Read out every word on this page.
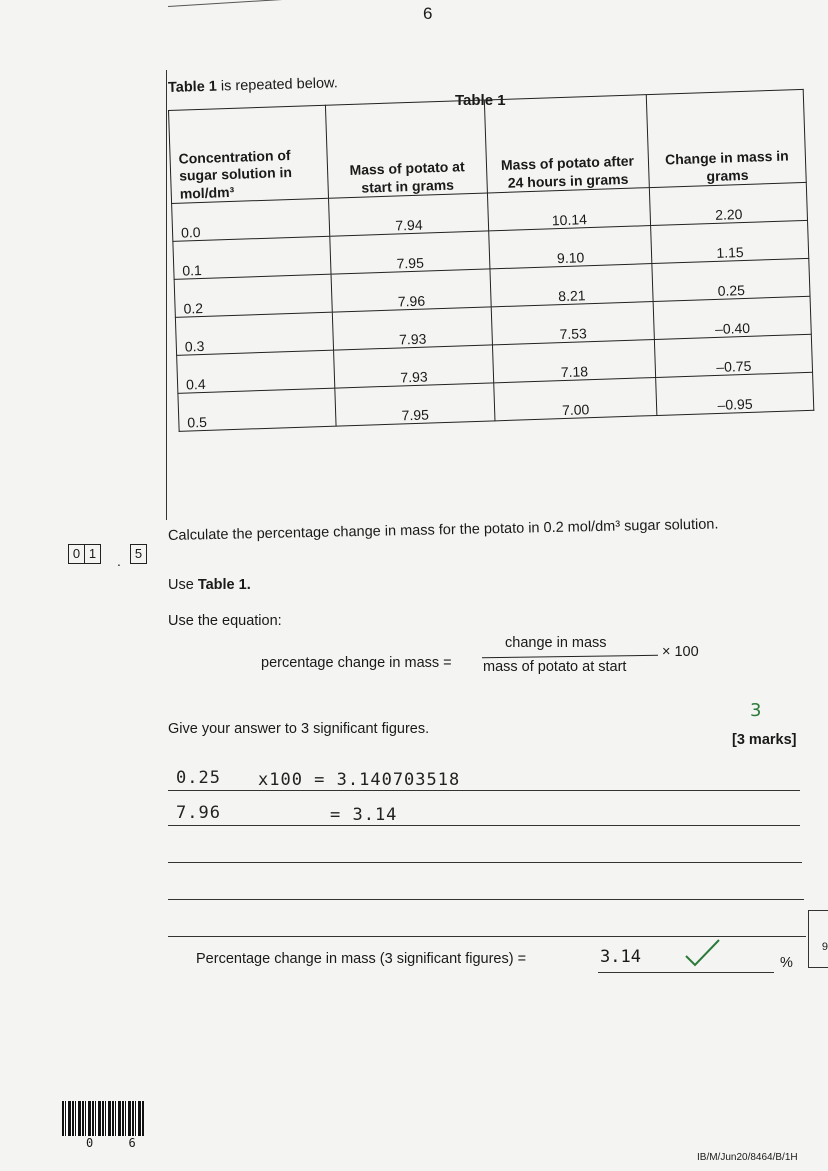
6
Table 1 is repeated below.
Table 1
Concentration of sugar solution in mol/dm³	Mass of potato at start in grams	Mass of potato after 24 hours in grams	Change in mass in grams
0.0	7.94	10.14	2.20
0.1	7.95	9.10	1.15
0.2	7.96	8.21	0.25
0.3	7.93	7.53	–0.40
0.4	7.93	7.18	–0.75
0.5	7.95	7.00	–0.95
0 1	.	5
Calculate the percentage change in mass for the potato in 0.2 mol/dm³ sugar solution.
Use Table 1.
Use the equation:
percentage change in mass =
change in mass
mass of potato at start
× 100
Give your answer to 3 significant figures.
3
[3 marks]
0.25 x100 = 3.140703518
7.96	= 3.14
Percentage change in mass (3 significant figures) =	3.14	%
9
0 6
IB/M/Jun20/8464/B/1H
